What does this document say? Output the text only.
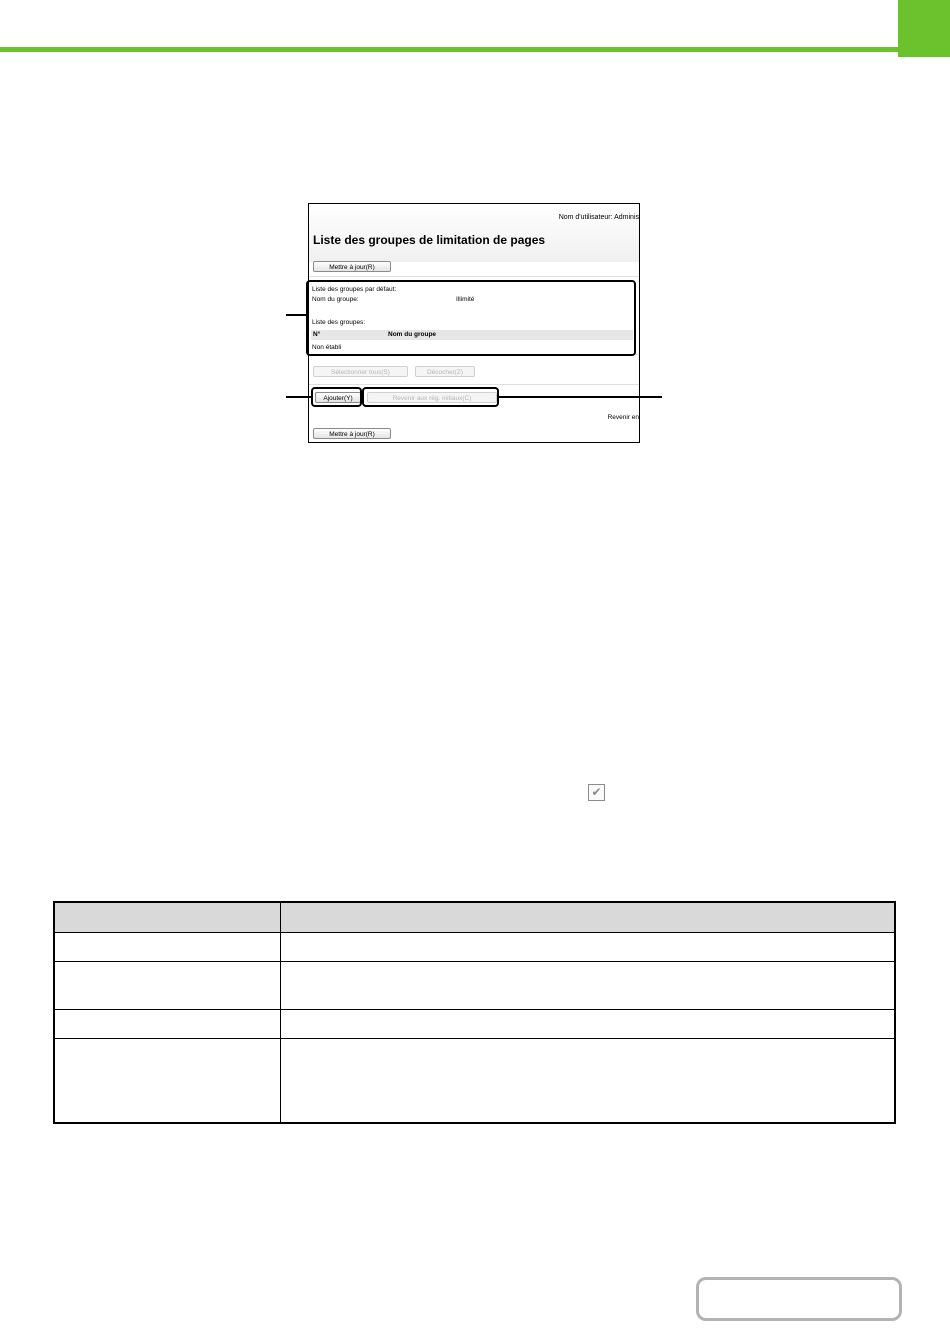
Nom d'utilisateur: Adminis
Liste des groupes de limitation de pages
Mettre à jour(R)
Liste des groupes par défaut:
Nom du groupe:	Illimité
Liste des groupes:
N°	Nom du groupe
Non établi
Sélectionner tous(S)	Décocher(Z)
Ajouter(Y)	Revenir aux rég. initiaux(C)
Revenir en
Mettre à jour(R)
✔
